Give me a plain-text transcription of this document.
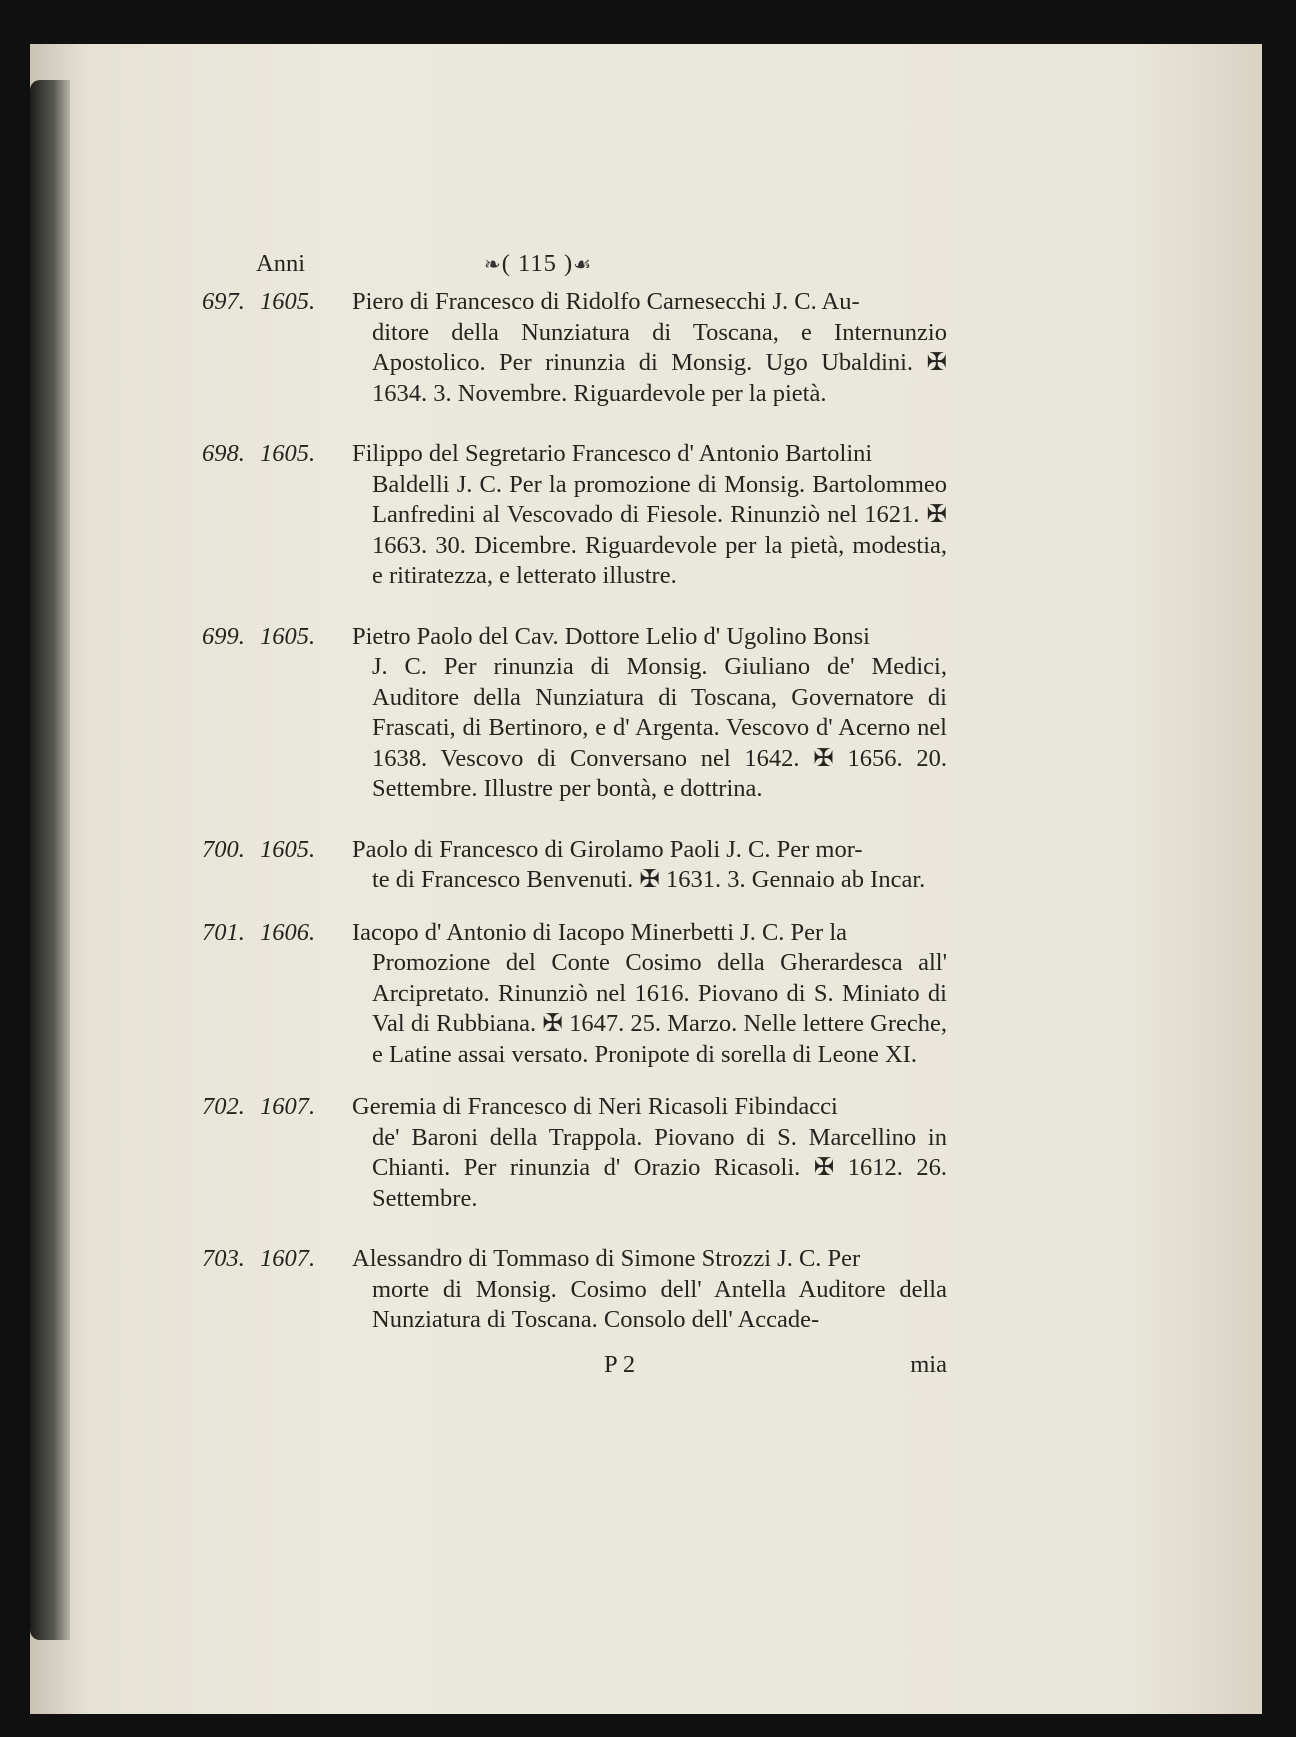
Anni	❧( 115 )☙
697. 1605. Piero di Francesco di Ridolfo Carnesecchi J. C. Au-
ditore della Nunziatura di Toscana, e Internunzio Apostolico. Per rinunzia di Monsig. Ugo Ubaldini. ✠ 1634. 3. Novembre. Riguardevole per la pietà.
698. 1605. Filippo del Segretario Francesco d' Antonio Bartolini
Baldelli J. C. Per la promozione di Monsig. Bartolommeo Lanfredini al Vescovado di Fiesole. Rinunziò nel 1621. ✠ 1663. 30. Dicembre. Riguardevole per la pietà, modestia, e ritiratezza, e letterato illustre.
699. 1605. Pietro Paolo del Cav. Dottore Lelio d' Ugolino Bonsi
J. C. Per rinunzia di Monsig. Giuliano de' Medici, Auditore della Nunziatura di Toscana, Governatore di Frascati, di Bertinoro, e d' Argenta. Vescovo d' Acerno nel 1638. Vescovo di Conversano nel 1642. ✠ 1656. 20. Settembre. Illustre per bontà, e dottrina.
700. 1605. Paolo di Francesco di Girolamo Paoli J. C. Per mor-
te di Francesco Benvenuti. ✠ 1631. 3. Gennaio ab Incar.
701. 1606. Iacopo d' Antonio di Iacopo Minerbetti J. C. Per la
Promozione del Conte Cosimo della Gherardesca all' Arcipretato. Rinunziò nel 1616. Piovano di S. Miniato di Val di Rubbiana. ✠ 1647. 25. Marzo. Nelle lettere Greche, e Latine assai versato. Pronipote di sorella di Leone XI.
702. 1607. Geremia di Francesco di Neri Ricasoli Fibindacci
de' Baroni della Trappola. Piovano di S. Marcellino in Chianti. Per rinunzia d' Orazio Ricasoli. ✠ 1612. 26. Settembre.
703. 1607. Alessandro di Tommaso di Simone Strozzi J. C. Per
morte di Monsig. Cosimo dell' Antella Auditore della Nunziatura di Toscana. Consolo dell' Accade-
P 2	mia
